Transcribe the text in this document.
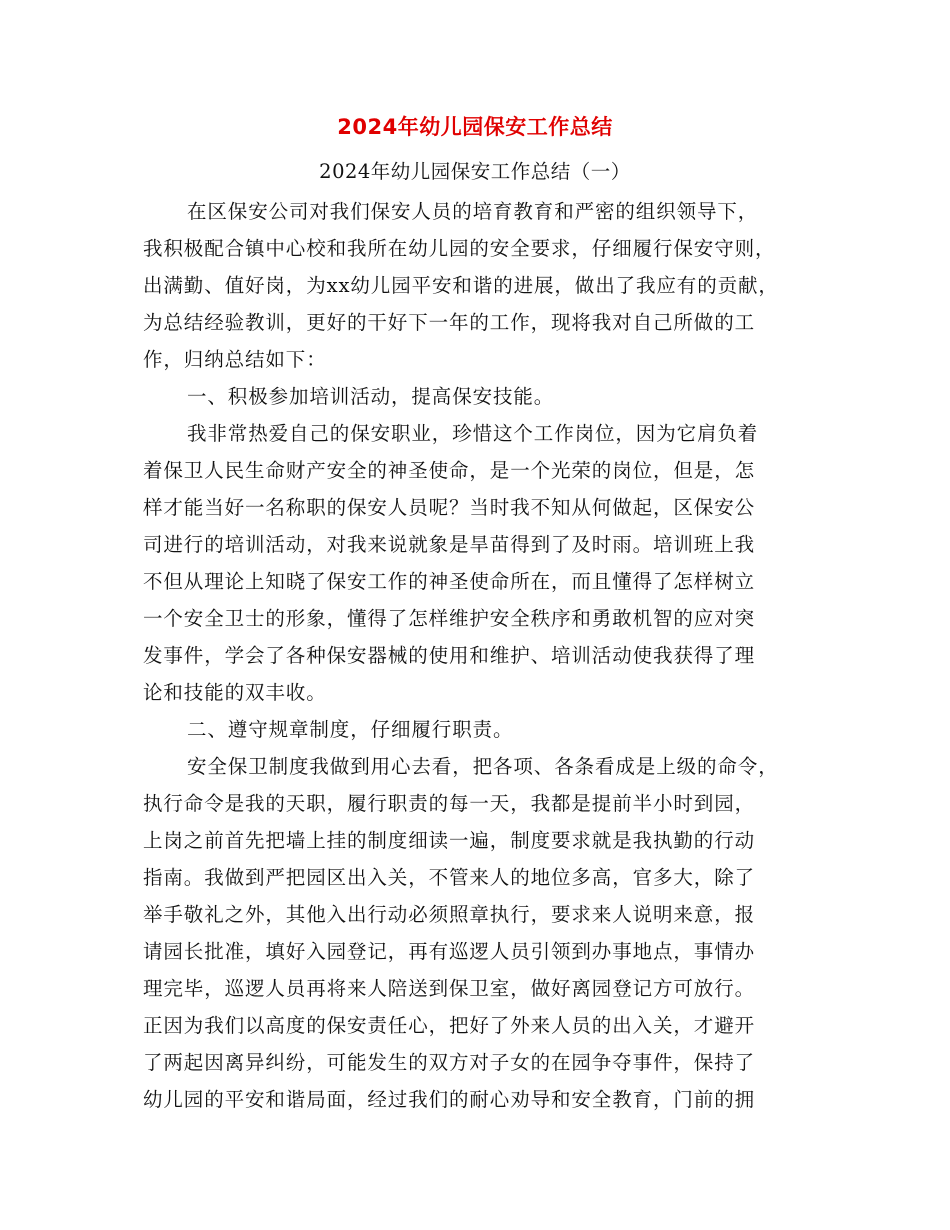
2024年幼儿园保安工作总结
2024年幼儿园保安工作总结（一）
在区保安公司对我们保安人员的培育教育和严密的组织领导下，
我积极配合镇中心校和我所在幼儿园的安全要求，仔细履行保安守则，
出满勤、值好岗，为xx幼儿园平安和谐的进展，做出了我应有的贡献，
为总结经验教训，更好的干好下一年的工作，现将我对自己所做的工
作，归纳总结如下：
一、积极参加培训活动，提高保安技能。
我非常热爱自己的保安职业，珍惜这个工作岗位，因为它肩负着
着保卫人民生命财产安全的神圣使命，是一个光荣的岗位，但是，怎
样才能当好一名称职的保安人员呢？当时我不知从何做起，区保安公
司进行的培训活动，对我来说就象是旱苗得到了及时雨。培训班上我
不但从理论上知晓了保安工作的神圣使命所在，而且懂得了怎样树立
一个安全卫士的形象，懂得了怎样维护安全秩序和勇敢机智的应对突
发事件，学会了各种保安器械的使用和维护、培训活动使我获得了理
论和技能的双丰收。
二、遵守规章制度，仔细履行职责。
安全保卫制度我做到用心去看，把各项、各条看成是上级的命令，
执行命令是我的天职，履行职责的每一天，我都是提前半小时到园，
上岗之前首先把墙上挂的制度细读一遍，制度要求就是我执勤的行动
指南。我做到严把园区出入关，不管来人的地位多高，官多大，除了
举手敬礼之外，其他入出行动必须照章执行，要求来人说明来意，报
请园长批准，填好入园登记，再有巡逻人员引领到办事地点，事情办
理完毕，巡逻人员再将来人陪送到保卫室，做好离园登记方可放行。
正因为我们以高度的保安责任心，把好了外来人员的出入关，才避开
了两起因离异纠纷，可能发生的双方对子女的在园争夺事件，保持了
幼儿园的平安和谐局面，经过我们的耐心劝导和安全教育，门前的拥
